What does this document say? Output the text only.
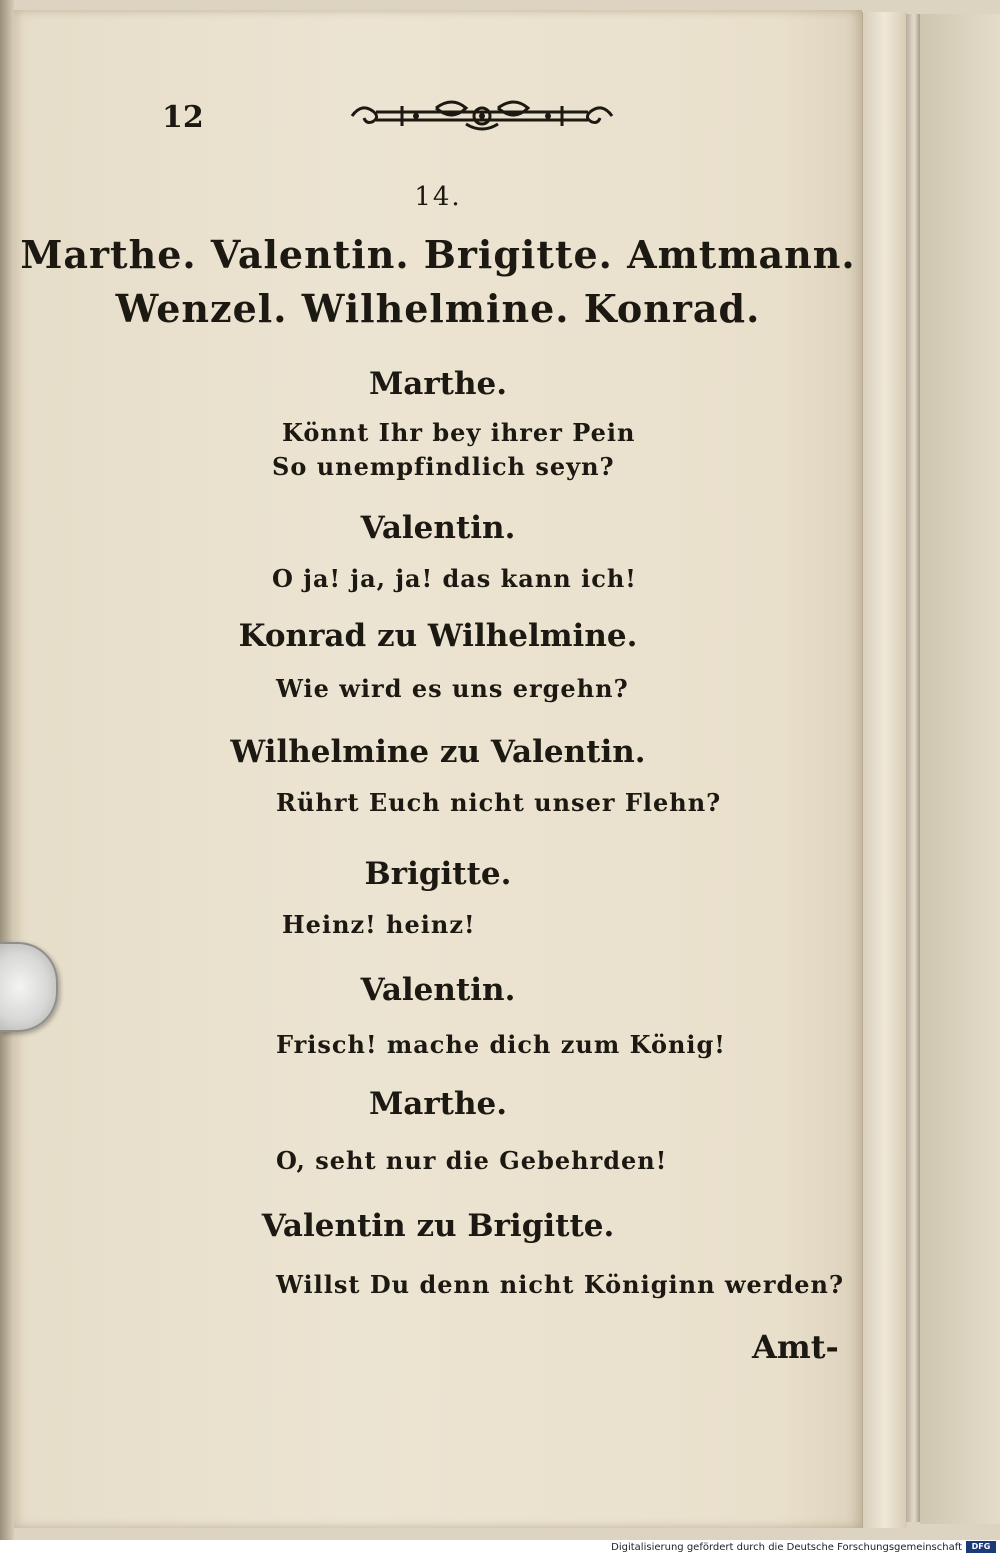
12
14.
Marthe. Valentin. Brigitte. Amtmann.
Wenzel. Wilhelmine. Konrad.
Marthe.
Könnt Ihr bey ihrer Pein
So unempfindlich seyn?
Valentin.
O ja! ja, ja! das kann ich!
Konrad zu Wilhelmine.
Wie wird es uns ergehn?
Wilhelmine zu Valentin.
Rührt Euch nicht unser Flehn?
Brigitte.
Heinz! heinz!
Valentin.
Frisch! mache dich zum König!
Marthe.
O, seht nur die Gebehrden!
Valentin zu Brigitte.
Willst Du denn nicht Königinn werden?
Amt-
Digitalisierung gefördert durch die Deutsche Forschungsgemeinschaft	DFG
